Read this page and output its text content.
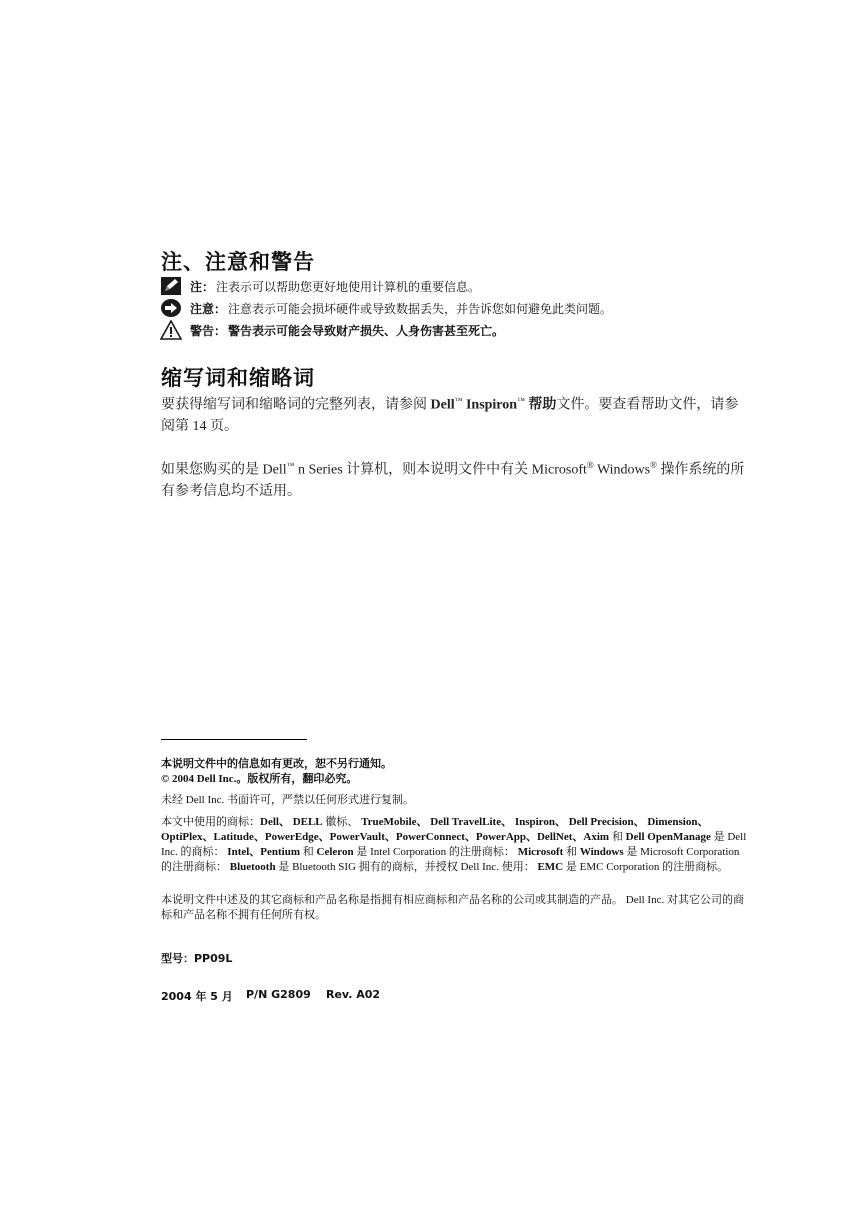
注、注意和警告
注： 注表示可以帮助您更好地使用计算机的重要信息。
注意： 注意表示可能会损坏硬件或导致数据丢失，并告诉您如何避免此类问题。
警告： 警告表示可能会导致财产损失、人身伤害甚至死亡。
缩写词和缩略词
要获得缩写词和缩略词的完整列表，请参阅 Dell™ Inspiron™ 帮助文件。要查看帮助文件，请参阅第 14 页。
如果您购买的是 Dell™ n Series 计算机，则本说明文件中有关 Microsoft® Windows® 操作系统的所有参考信息均不适用。
本说明文件中的信息如有更改，恕不另行通知。
© 2004 Dell Inc.。版权所有，翻印必究。
未经 Dell Inc. 书面许可，严禁以任何形式进行复制。
本文中使用的商标：Dell、 DELL 徽标、 TrueMobile、 Dell TravelLite、 Inspiron、 Dell Precision、 Dimension、 OptiPlex、Latitude、PowerEdge、PowerVault、PowerConnect、PowerApp、DellNet、Axim 和 Dell OpenManage 是 Dell Inc. 的商标： Intel、Pentium 和 Celeron 是 Intel Corporation 的注册商标： Microsoft 和 Windows 是 Microsoft Corporation 的注册商标： Bluetooth 是 Bluetooth SIG 拥有的商标，并授权 Dell Inc. 使用： EMC 是 EMC Corporation 的注册商标。
本说明文件中述及的其它商标和产品名称是指拥有相应商标和产品名称的公司或其制造的产品。 Dell Inc. 对其它公司的商标和产品名称不拥有任何所有权。
型号：PP09L
2004 年 5 月	P/N G2809	Rev. A02
